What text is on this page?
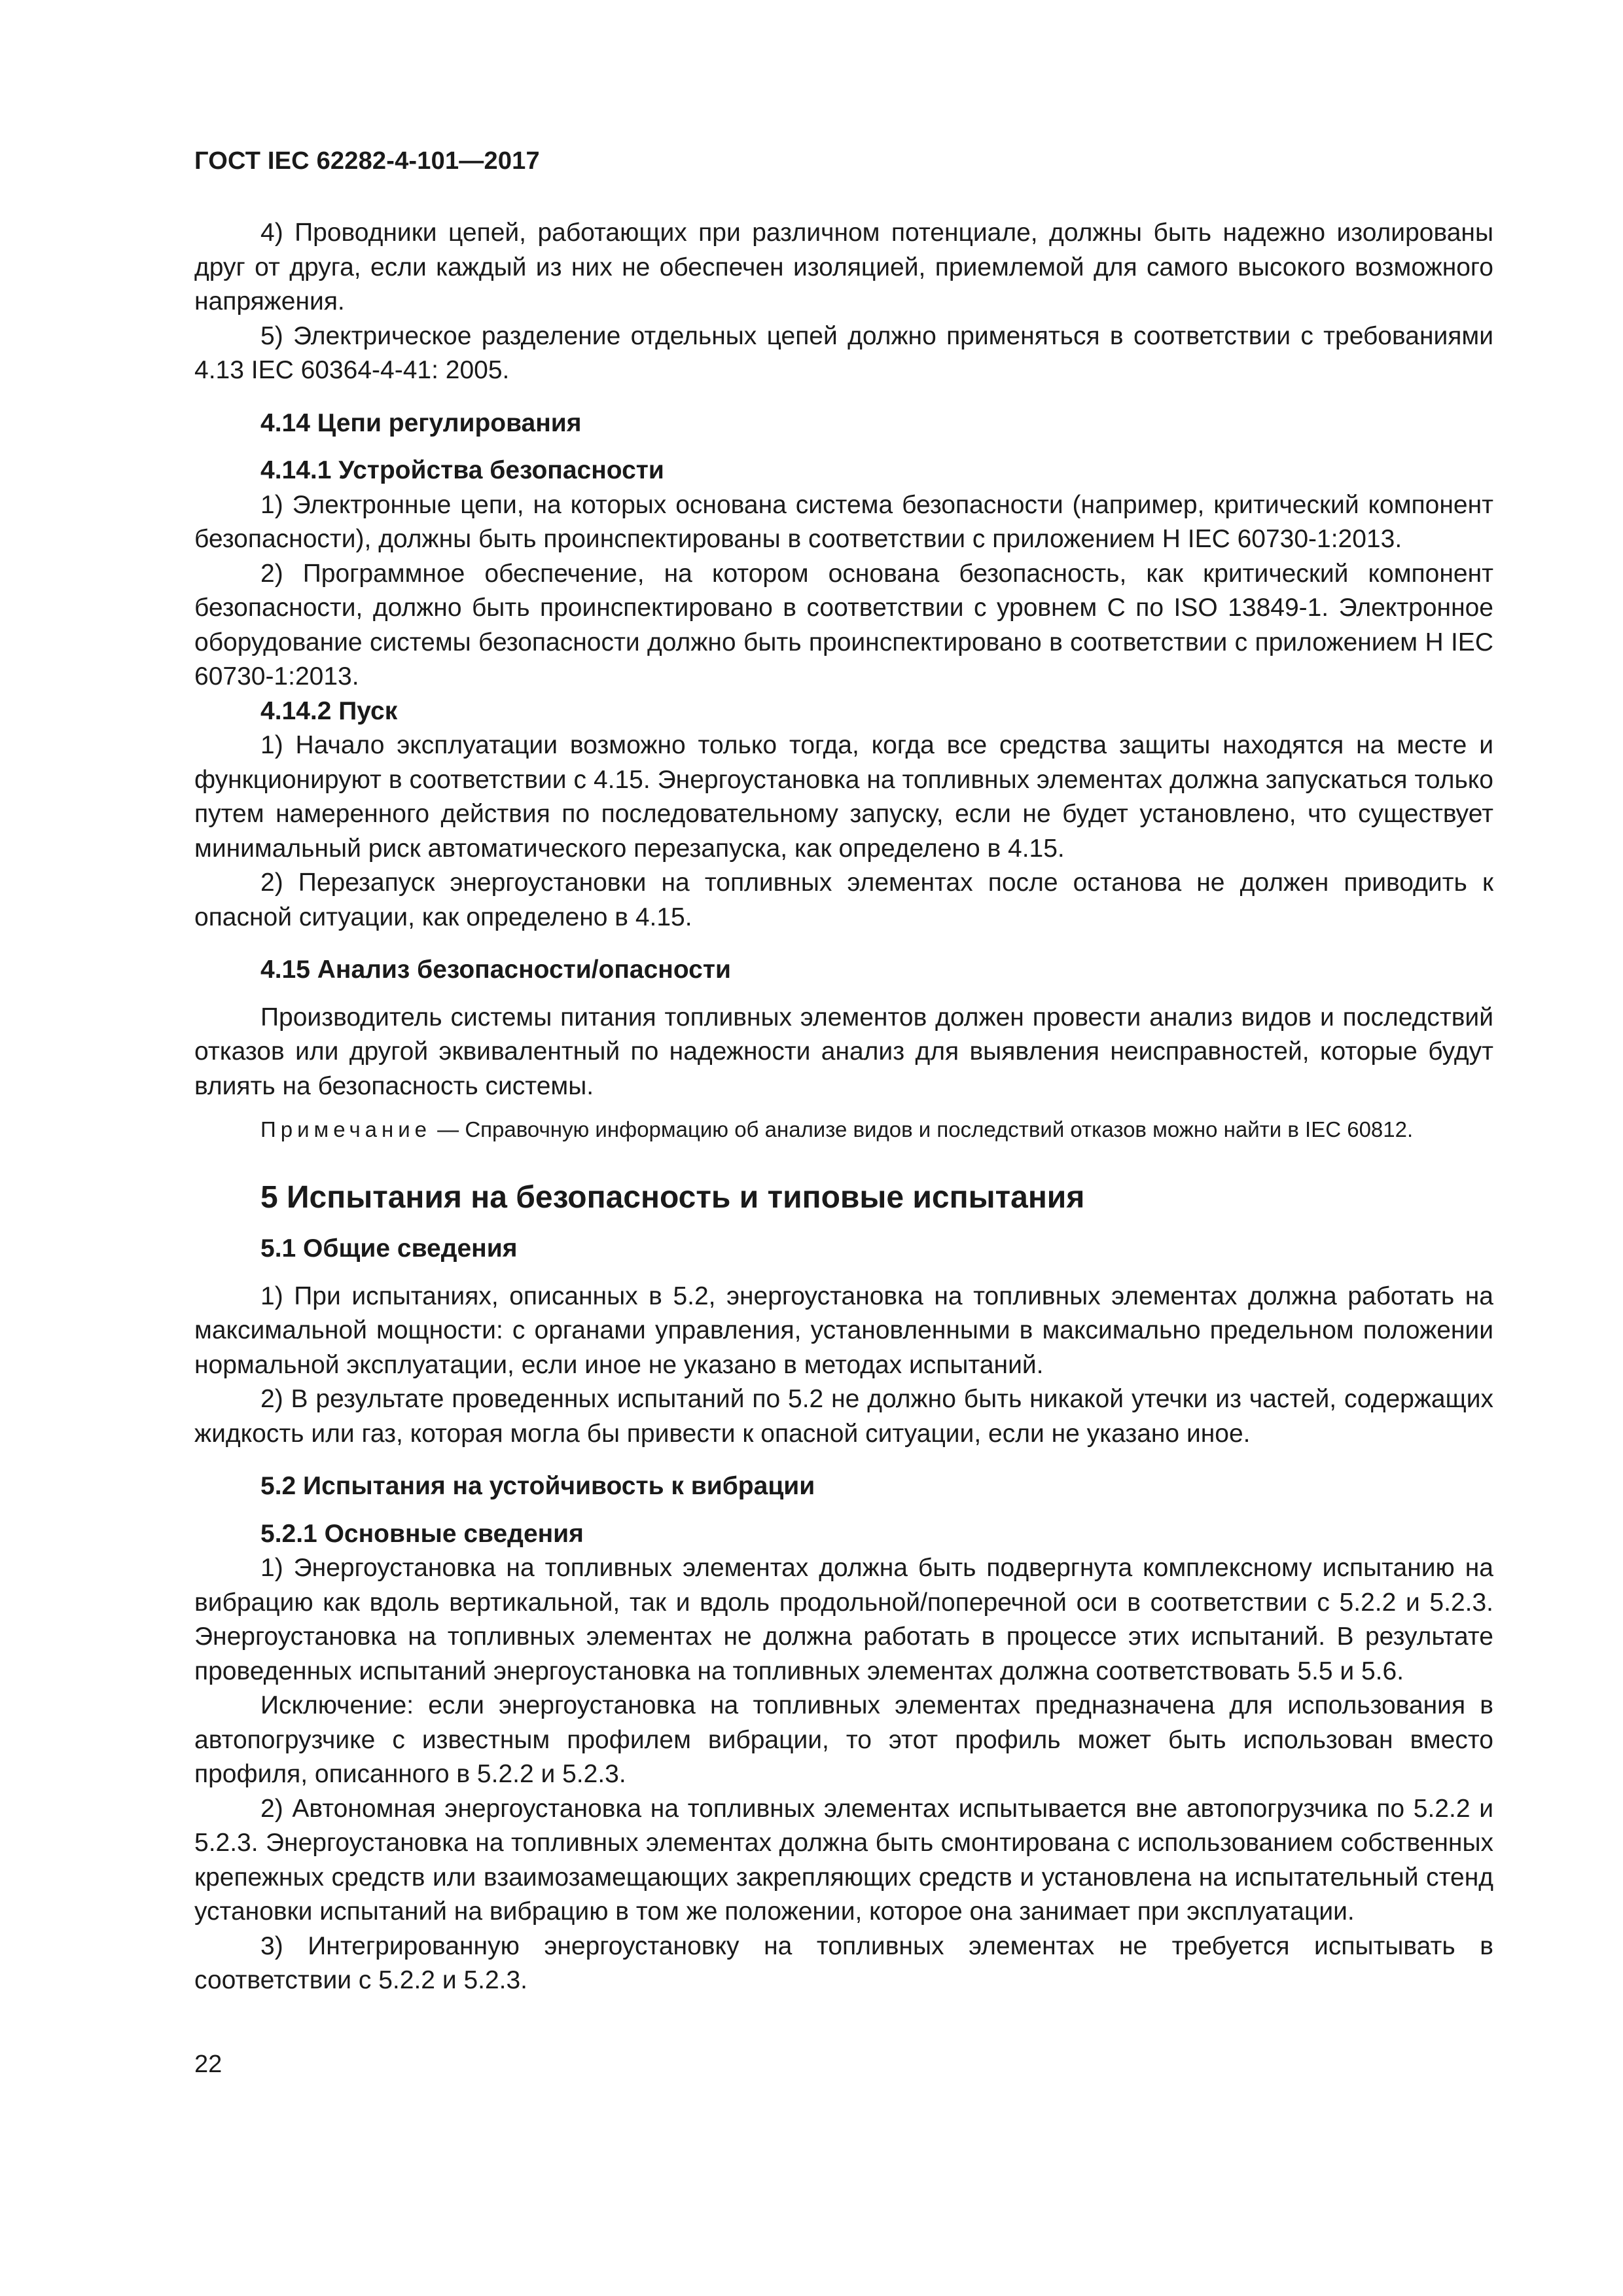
ГОСТ IEC 62282-4-101—2017

4) Проводники цепей, работающих при различном потенциале, должны быть надежно изолированы друг от друга, если каждый из них не обеспечен изоляцией, приемлемой для самого высокого возможного напряжения.

5) Электрическое разделение отдельных цепей должно применяться в соответствии с требованиями 4.13 IEC 60364-4-41: 2005.

4.14 Цепи регулирования
4.14.1 Устройства безопасности

1) Электронные цепи, на которых основана система безопасности (например, критический компонент безопасности), должны быть проинспектированы в соответствии с приложением H IEC 60730-1:2013.

2) Программное обеспечение, на котором основана безопасность, как критический компонент безопасности, должно быть проинспектировано в соответствии с уровнем С по ISO 13849-1. Электронное оборудование системы безопасности должно быть проинспектировано в соответствии с приложением H IEC 60730-1:2013.

4.14.2 Пуск

1) Начало эксплуатации возможно только тогда, когда все средства защиты находятся на месте и функционируют в соответствии с 4.15. Энергоустановка на топливных элементах должна запускаться только путем намеренного действия по последовательному запуску, если не будет установлено, что существует минимальный риск автоматического перезапуска, как определено в 4.15.

2) Перезапуск энергоустановки на топливных элементах после останова не должен приводить к опасной ситуации, как определено в 4.15.

4.15 Анализ безопасности/опасности

Производитель системы питания топливных элементов должен провести анализ видов и последствий отказов или другой эквивалентный по надежности анализ для выявления неисправностей, которые будут влиять на безопасность системы.

Примечание — Справочную информацию об анализе видов и последствий отказов можно найти в IEC 60812.

5 Испытания на безопасность и типовые испытания
5.1 Общие сведения

1) При испытаниях, описанных в 5.2, энергоустановка на топливных элементах должна работать на максимальной мощности: с органами управления, установленными в максимально предельном положении нормальной эксплуатации, если иное не указано в методах испытаний.

2) В результате проведенных испытаний по 5.2 не должно быть никакой утечки из частей, содержащих жидкость или газ, которая могла бы привести к опасной ситуации, если не указано иное.

5.2 Испытания на устойчивость к вибрации
5.2.1 Основные сведения

1) Энергоустановка на топливных элементах должна быть подвергнута комплексному испытанию на вибрацию как вдоль вертикальной, так и вдоль продольной/поперечной оси в соответствии с 5.2.2 и 5.2.3. Энергоустановка на топливных элементах не должна работать в процессе этих испытаний. В результате проведенных испытаний энергоустановка на топливных элементах должна соответствовать 5.5 и 5.6.

Исключение: если энергоустановка на топливных элементах предназначена для использования в автопогрузчике с известным профилем вибрации, то этот профиль может быть использован вместо профиля, описанного в 5.2.2 и 5.2.3.

2) Автономная энергоустановка на топливных элементах испытывается вне автопогрузчика по 5.2.2 и 5.2.3. Энергоустановка на топливных элементах должна быть смонтирована с использованием собственных крепежных средств или взаимозамещающих закрепляющих средств и установлена на испытательный стенд установки испытаний на вибрацию в том же положении, которое она занимает при эксплуатации.

3) Интегрированную энергоустановку на топливных элементах не требуется испытывать в соответствии с 5.2.2 и 5.2.3.

22
